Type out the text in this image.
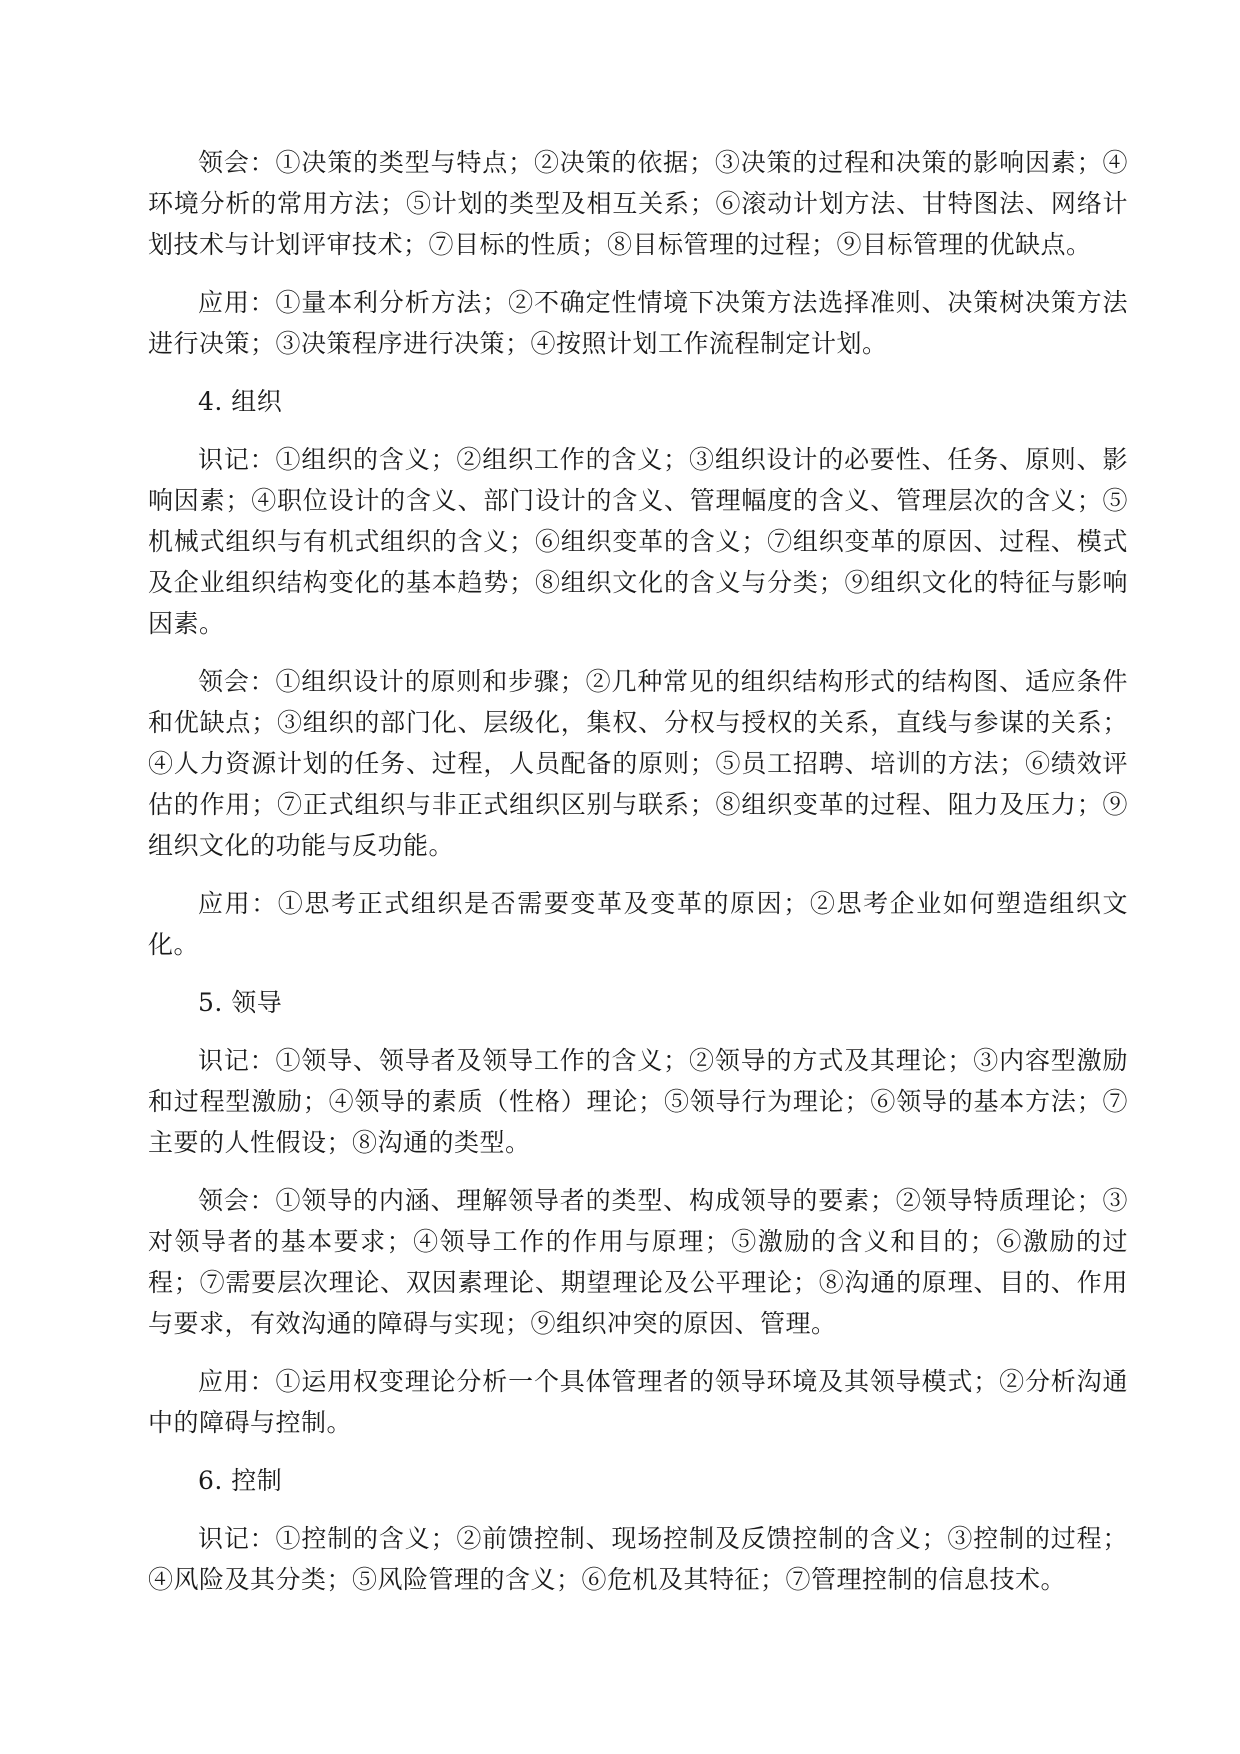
领会：①决策的类型与特点；②决策的依据；③决策的过程和决策的影响因素；④环境分析的常用方法；⑤计划的类型及相互关系；⑥滚动计划方法、甘特图法、网络计划技术与计划评审技术；⑦目标的性质；⑧目标管理的过程；⑨目标管理的优缺点。

应用：①量本利分析方法；②不确定性情境下决策方法选择准则、决策树决策方法进行决策；③决策程序进行决策；④按照计划工作流程制定计划。

4. 组织

识记：①组织的含义；②组织工作的含义；③组织设计的必要性、任务、原则、影响因素；④职位设计的含义、部门设计的含义、管理幅度的含义、管理层次的含义；⑤机械式组织与有机式组织的含义；⑥组织变革的含义；⑦组织变革的原因、过程、模式及企业组织结构变化的基本趋势；⑧组织文化的含义与分类；⑨组织文化的特征与影响因素。

领会：①组织设计的原则和步骤；②几种常见的组织结构形式的结构图、适应条件和优缺点；③组织的部门化、层级化，集权、分权与授权的关系，直线与参谋的关系；④人力资源计划的任务、过程，人员配备的原则；⑤员工招聘、培训的方法；⑥绩效评估的作用；⑦正式组织与非正式组织区别与联系；⑧组织变革的过程、阻力及压力；⑨组织文化的功能与反功能。

应用：①思考正式组织是否需要变革及变革的原因；②思考企业如何塑造组织文化。

5. 领导

识记：①领导、领导者及领导工作的含义；②领导的方式及其理论；③内容型激励和过程型激励；④领导的素质（性格）理论；⑤领导行为理论；⑥领导的基本方法；⑦主要的人性假设；⑧沟通的类型。

领会：①领导的内涵、理解领导者的类型、构成领导的要素；②领导特质理论；③对领导者的基本要求；④领导工作的作用与原理；⑤激励的含义和目的；⑥激励的过程；⑦需要层次理论、双因素理论、期望理论及公平理论；⑧沟通的原理、目的、作用与要求，有效沟通的障碍与实现；⑨组织冲突的原因、管理。

应用：①运用权变理论分析一个具体管理者的领导环境及其领导模式；②分析沟通中的障碍与控制。

6. 控制

识记：①控制的含义；②前馈控制、现场控制及反馈控制的含义；③控制的过程；④风险及其分类；⑤风险管理的含义；⑥危机及其特征；⑦管理控制的信息技术。
